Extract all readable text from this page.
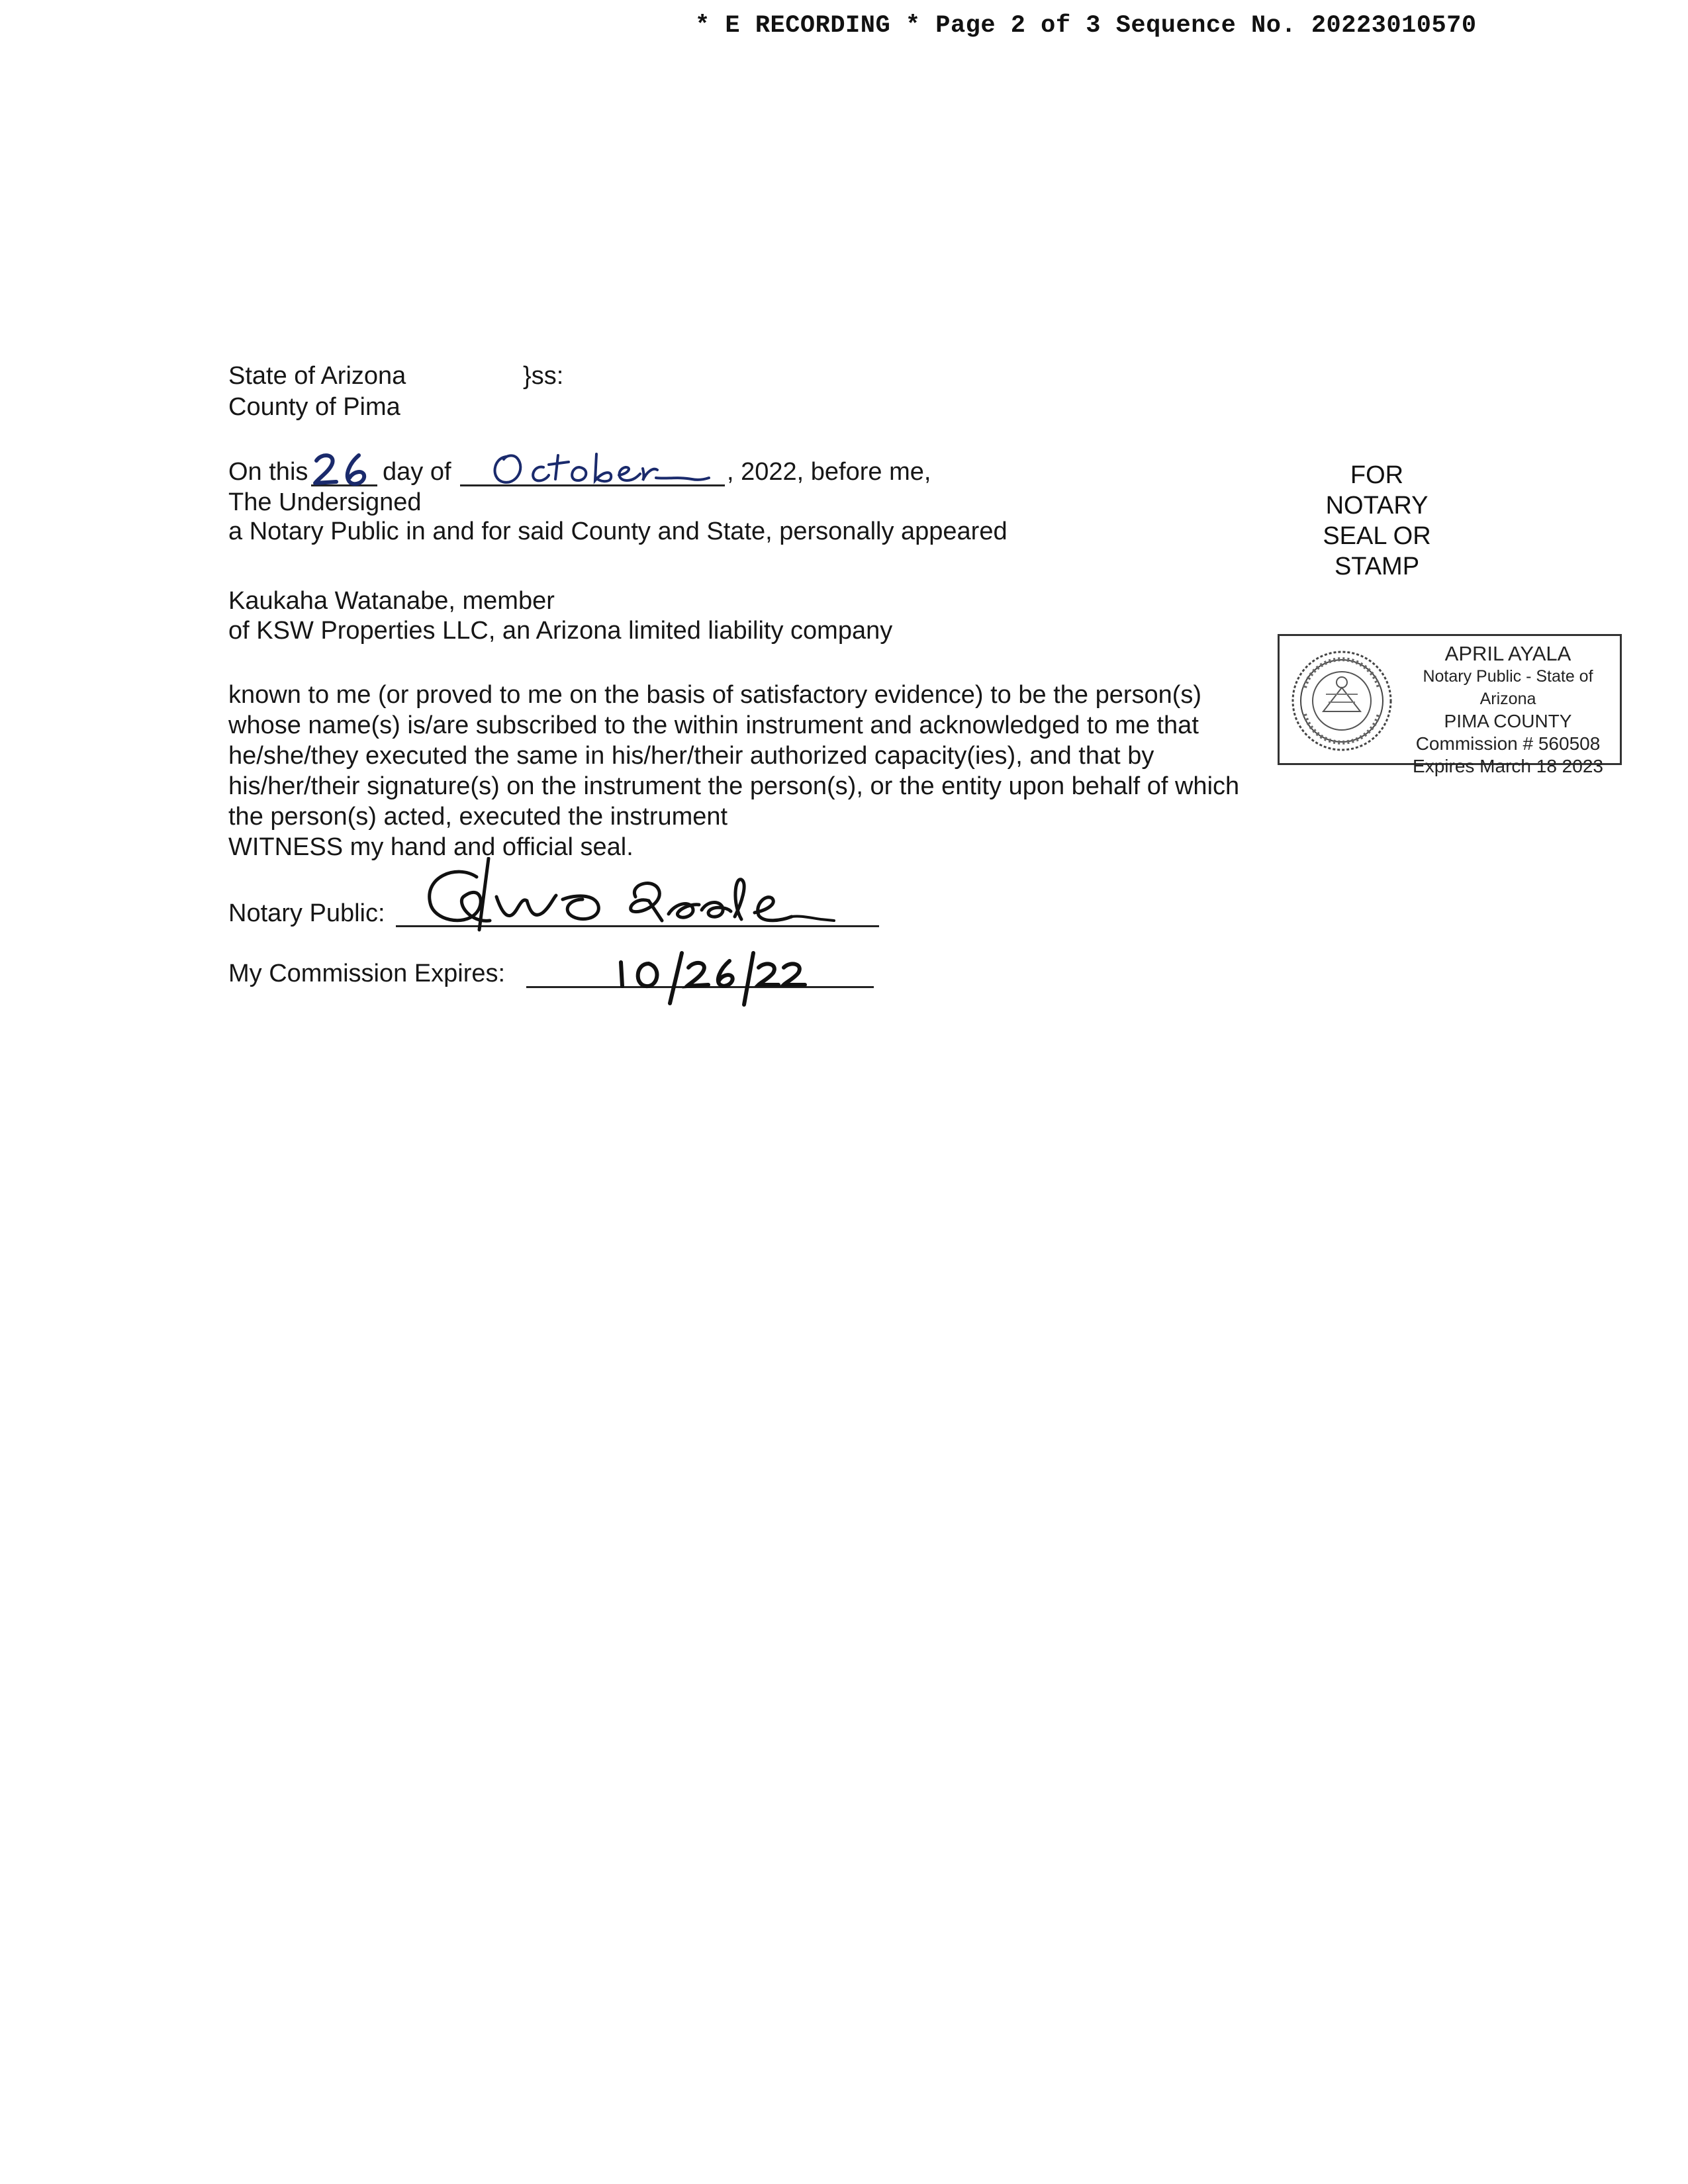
* E RECORDING * Page 2 of 3 Sequence No. 20223010570
State of Arizona	}ss:
County of Pima
On this	day of	, 2022, before me,
The Undersigned
a Notary Public in and for said County and State, personally appeared
Kaukaha Watanabe, member
of KSW Properties LLC, an Arizona limited liability company
known to me (or proved to me on the basis of satisfactory evidence) to be the person(s)
whose name(s) is/are subscribed to the within instrument and acknowledged to me that
he/she/they executed the same in his/her/their authorized capacity(ies), and that by
his/her/their signature(s) on the instrument the person(s), or the entity upon behalf of which
the person(s) acted, executed the instrument
WITNESS my hand and official seal.
Notary Public:
My Commission Expires:
FOR
NOTARY
SEAL OR
STAMP
APRIL AYALA
Notary Public - State of Arizona
PIMA COUNTY
Commission # 560508
Expires March 18 2023
